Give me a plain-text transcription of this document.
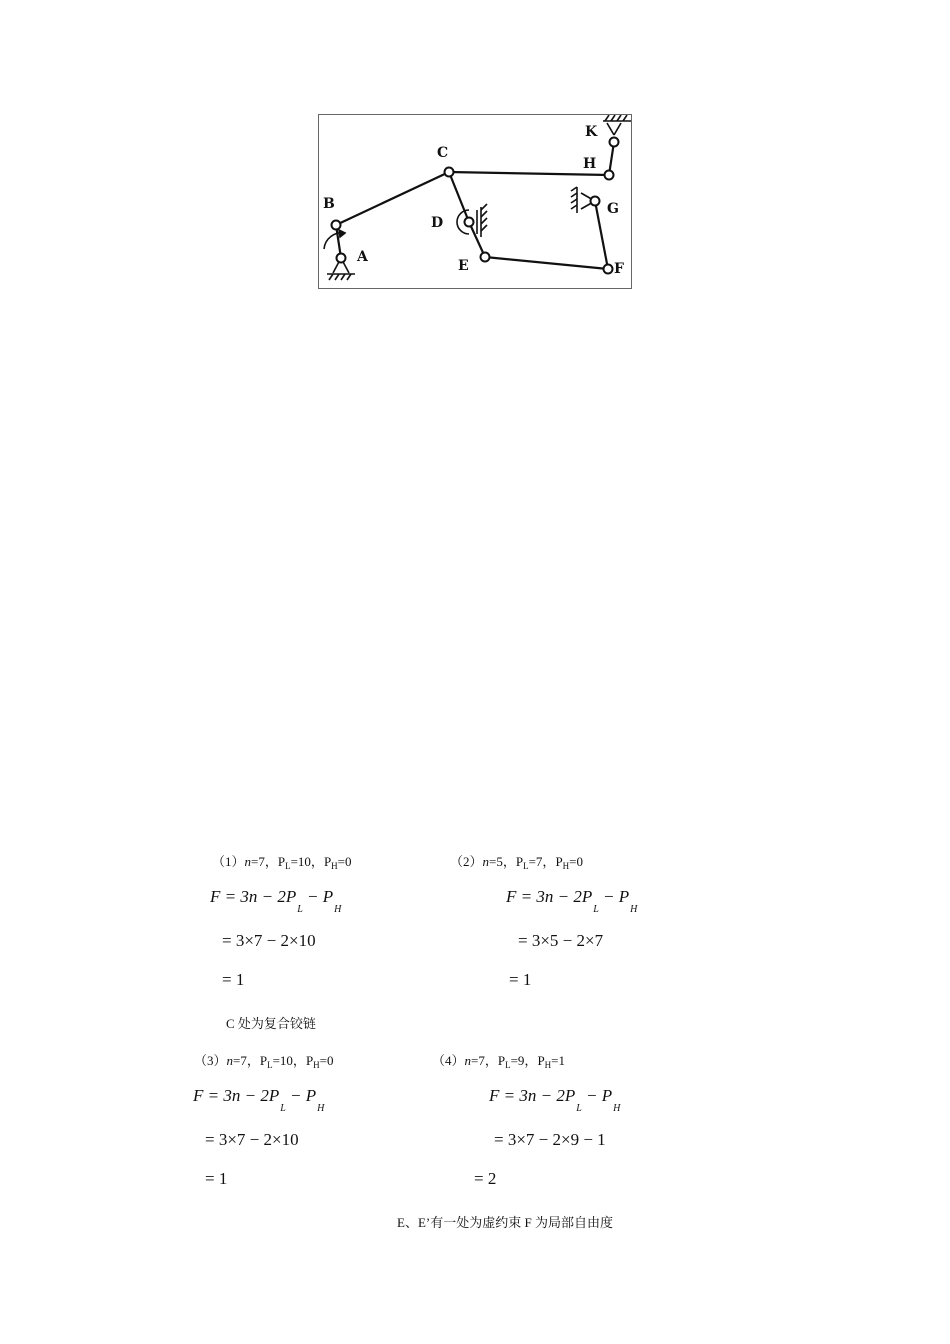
A
B
C
D
E	F
G
H
K
（1）n=7，$P_L=10$，$P_H=0$
$F = 3n - 2P_L - P_H$
= 3×7 − 2×10
= 1
C 处为复合铰链
（2）n=5，$P_L=7$，$P_H=0$
$F = 3n - 2P_L - P_H$
= 3×5 − 2×7
= 1
（3）n=7，$P_L=10$，$P_H=0$
$F = 3n - 2P_L - P_H$
= 3×7 − 2×10
= 1
（4）n=7，$P_L=9$，$P_H=1$
$F = 3n - 2P_L - P_H$
= 3×7 − 2×9 − 1
= 2
E、E’有一处为虚约束 F 为局部自由度
